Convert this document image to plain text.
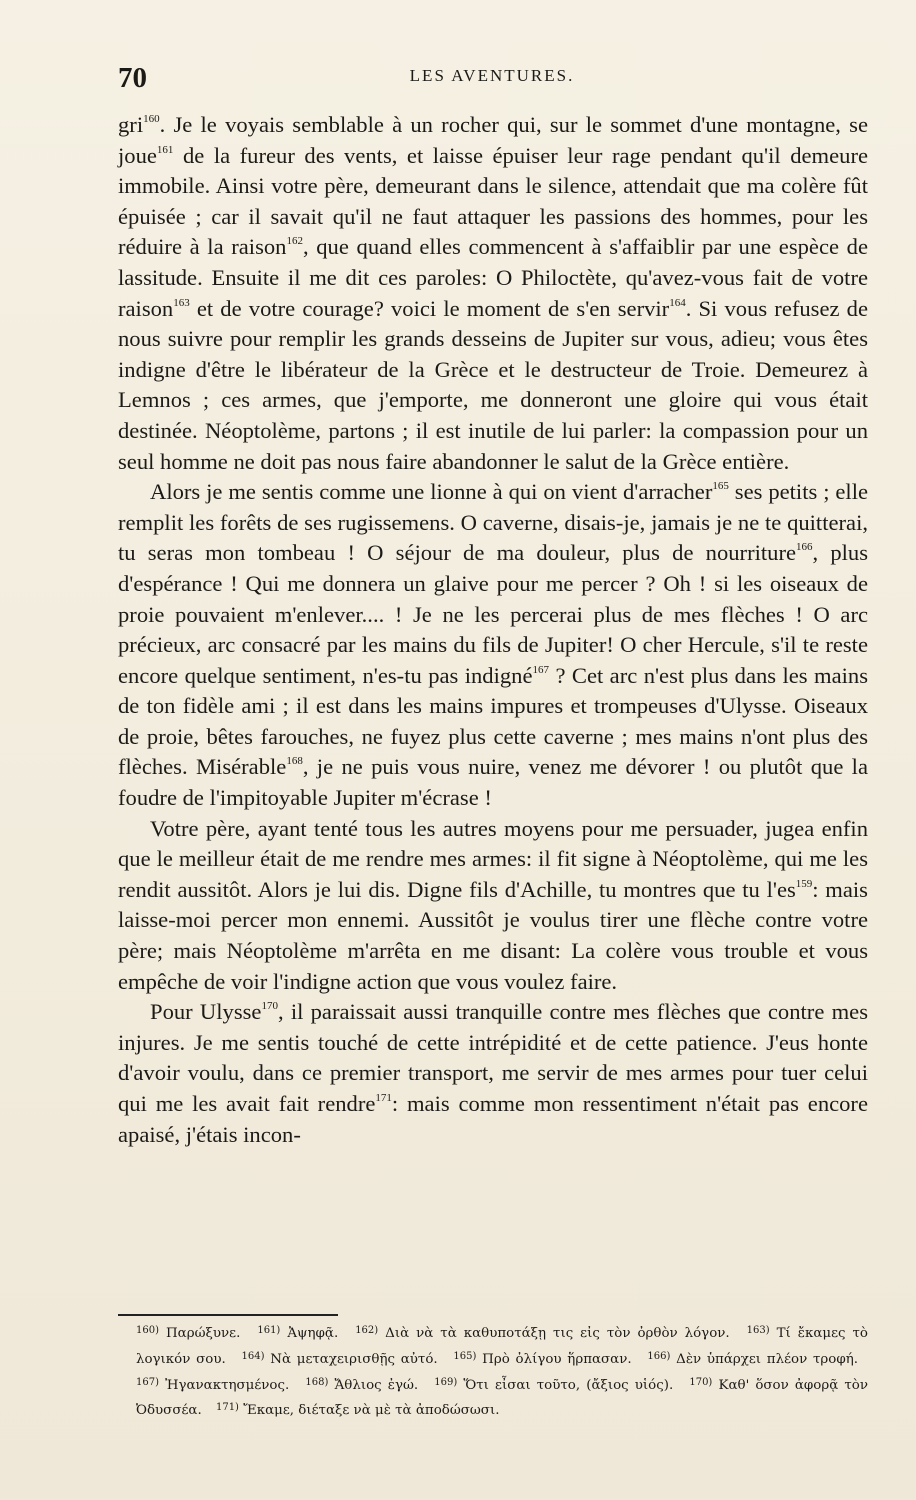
70	LES AVENTURES.

gri$^{160}$. Je le voyais semblable à un rocher qui, sur le sommet d'une montagne, se joue$^{161}$ de la fureur des vents, et laisse épuiser leur rage pendant qu'il demeure immobile. Ainsi votre père, demeurant dans le silence, attendait que ma colère fût épuisée ; car il savait qu'il ne faut attaquer les passions des hommes, pour les réduire à la raison$^{162}$, que quand elles commencent à s'affaiblir par une espèce de lassitude. Ensuite il me dit ces paroles: O Philoctète, qu'avez-vous fait de votre raison$^{163}$ et de votre courage? voici le moment de s'en servir$^{164}$. Si vous refusez de nous suivre pour remplir les grands desseins de Jupiter sur vous, adieu; vous êtes indigne d'être le libérateur de la Grèce et le destructeur de Troie. Demeurez à Lemnos ; ces armes, que j'emporte, me donneront une gloire qui vous était destinée. Néoptolème, partons ; il est inutile de lui parler: la compassion pour un seul homme ne doit pas nous faire abandonner le salut de la Grèce entière.

Alors je me sentis comme une lionne à qui on vient d'arracher$^{165}$ ses petits ; elle remplit les forêts de ses rugissemens. O caverne, disais-je, jamais je ne te quitterai, tu seras mon tombeau ! O séjour de ma douleur, plus de nourriture$^{166}$, plus d'espérance ! Qui me donnera un glaive pour me percer ? Oh ! si les oiseaux de proie pouvaient m'enlever.... ! Je ne les percerai plus de mes flèches ! O arc précieux, arc consacré par les mains du fils de Jupiter! O cher Hercule, s'il te reste encore quelque sentiment, n'es-tu pas indigné$^{167}$ ? Cet arc n'est plus dans les mains de ton fidèle ami ; il est dans les mains impures et trompeuses d'Ulysse. Oiseaux de proie, bêtes farouches, ne fuyez plus cette caverne ; mes mains n'ont plus des flèches. Misérable$^{168}$, je ne puis vous nuire, venez me dévorer ! ou plutôt que la foudre de l'impitoyable Jupiter m'écrase !

Votre père, ayant tenté tous les autres moyens pour me persuader, jugea enfin que le meilleur était de me rendre mes armes: il fit signe à Néoptolème, qui me les rendit aussitôt. Alors je lui dis. Digne fils d'Achille, tu montres que tu $l'es^{159}$: mais laisse-moi percer mon ennemi. Aussitôt je voulus tirer une flèche contre votre père; mais Néoptolème m'arrêta en me disant: La colère vous trouble et vous empêche de voir l'indigne action que vous voulez faire.

Pour Ulysse$^{170}$, il paraissait aussi tranquille contre mes flèches que contre mes injures. Je me sentis touché de cette intrépidité et de cette patience. J'eus honte d'avoir voulu, dans ce premier transport, me servir de mes armes pour tuer celui qui me les avait fait rendre$^{171}$: mais comme mon ressentiment n'était pas encore apaisé, j'étais incon-

$^{160)}$ Παρώξυνε. $^{161)}$ Ἀψηφᾷ. $^{162)}$ Διὰ νὰ τὰ καθυποτάξῃ τις εἰς τὸν ὀρθὸν λόγον. $^{163)}$ Τί ἔκαμες τὸ λογικόν σου. $^{164)}$ Νὰ μεταχειρισθῇς αὐτό. $^{165)}$ Πρὸ ὀλίγου ἥρπασαν. $^{166)}$ Δὲν ὑπάρχει πλέον τροφή. $^{167)}$ Ἠγανακτησμένος. $^{168)}$ Ἄθλιος ἐγώ. $^{169)}$ Ὅτι εἶσαι τοῦτο, (ἄξιος υἱός). $^{170)}$ Καθ' ὅσον ἀφορᾷ τὸν Ὀδυσσέα. $^{171)}$ Ἔκαμε, διέταξε νὰ μὲ τὰ ἀποδώσωσι.
